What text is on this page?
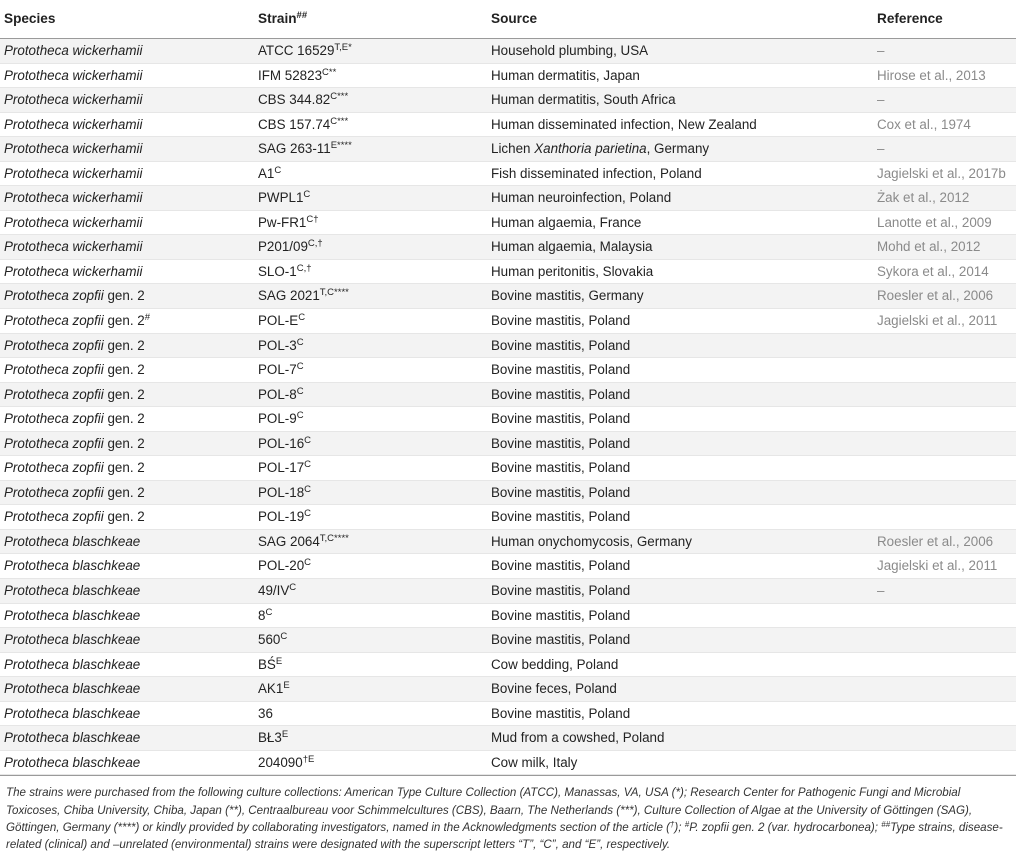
Species	Strain##	Source	Reference
Prototheca wickerhamii	ATCC $16529^{T,E*}$	Household plumbing, USA	–
Prototheca wickerhamii	IFM $52823^{C**}$	Human dermatitis, Japan	Hirose et al., 2013
Prototheca wickerhamii	CBS $344.82^{C***}$	Human dermatitis, South Africa	–
Prototheca wickerhamii	CBS $157.74^{C***}$	Human disseminated infection, New Zealand	Cox et al., 1974
Prototheca wickerhamii	SAG $263-11^{E****}$	Lichen Xanthoria parietina, Germany	–
Prototheca wickerhamii	$A1^C$	Fish disseminated infection, Poland	Jagielski et al., 2017b
Prototheca wickerhamii	$PWPL1^C$	Human neuroinfection, Poland	Żak et al., 2012
Prototheca wickerhamii	$Pw-FR1^{C\dagger}$	Human algaemia, France	Lanotte et al., 2009
Prototheca wickerhamii	$P201/09^{C,\dagger}$	Human algaemia, Malaysia	Mohd et al., 2012
Prototheca wickerhamii	SLO-$1^{C,\dagger}$	Human peritonitis, Slovakia	Sykora et al., 2014
Prototheca zopfii gen. 2	SAG $2021^{T,C****}$	Bovine mastitis, Germany	Roesler et al., 2006
Prototheca zopfii gen. 2#	POL-$E^C$	Bovine mastitis, Poland	Jagielski et al., 2011
Prototheca zopfii gen. 2	POL-$3^C$	Bovine mastitis, Poland
Prototheca zopfii gen. 2	POL-$7^C$	Bovine mastitis, Poland
Prototheca zopfii gen. 2	POL-$8^C$	Bovine mastitis, Poland
Prototheca zopfii gen. 2	POL-$9^C$	Bovine mastitis, Poland
Prototheca zopfii gen. 2	POL-$16^C$	Bovine mastitis, Poland
Prototheca zopfii gen. 2	POL-$17^C$	Bovine mastitis, Poland
Prototheca zopfii gen. 2	POL-$18^C$	Bovine mastitis, Poland
Prototheca zopfii gen. 2	POL-$19^C$	Bovine mastitis, Poland
Prototheca blaschkeae	SAG $2064^{T,C****}$	Human onychomycosis, Germany	Roesler et al., 2006
Prototheca blaschkeae	POL-$20^C$	Bovine mastitis, Poland	Jagielski et al., 2011
Prototheca blaschkeae	$49/IV^C$	Bovine mastitis, Poland	–
Prototheca blaschkeae	$8^C$	Bovine mastitis, Poland
Prototheca blaschkeae	$560^C$	Bovine mastitis, Poland
Prototheca blaschkeae	$BŚ^E$	Cow bedding, Poland
Prototheca blaschkeae	$AK1^E$	Bovine feces, Poland
Prototheca blaschkeae	36	Bovine mastitis, Poland
Prototheca blaschkeae	$BŁ3^E$	Mud from a cowshed, Poland
Prototheca blaschkeae	$204090^{\dagger E}$	Cow milk, Italy
The strains were purchased from the following culture collections: American Type Culture Collection (ATCC), Manassas, VA, USA (*); Research Center for Pathogenic Fungi and Microbial Toxicoses, Chiba University, Chiba, Japan (**), Centraalbureau voor Schimmelcultures (CBS), Baarn, The Netherlands (***), Culture Collection of Algae at the University of Göttingen (SAG), Göttingen, Germany (****) or kindly provided by collaborating investigators, named in the Acknowledgments section of the article (†); #P. zopfii gen. 2 (var. hydrocarbonea); ##Type strains, disease-related (clinical) and –unrelated (environmental) strains were designated with the superscript letters “T”, “C”, and “E”, respectively.
